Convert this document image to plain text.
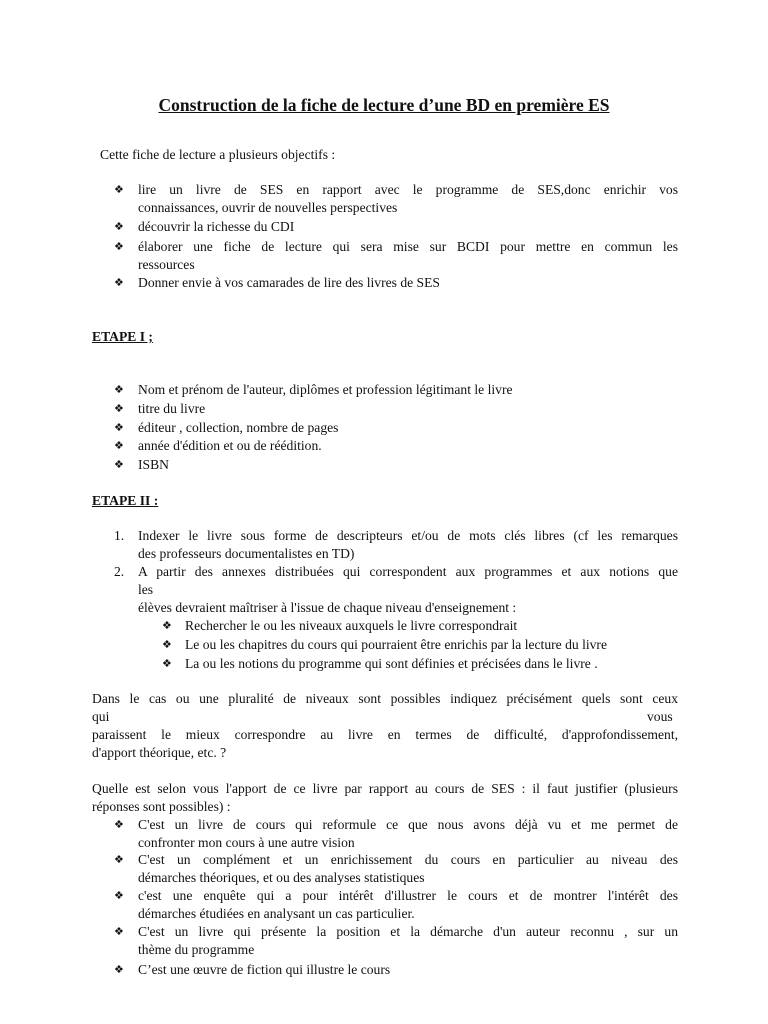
Construction de la fiche de lecture d’une BD en première ES
Cette fiche de lecture a plusieurs objectifs :
❖ lire un livre de SES en rapport avec le programme de SES,donc enrichir vos
connaissances, ouvrir de nouvelles perspectives
❖ découvrir la richesse du CDI
❖ élaborer une fiche de lecture qui sera mise sur BCDI pour mettre en commun les
ressources
❖ Donner envie à vos camarades de lire des livres de SES
ETAPE I ;
❖ Nom et prénom de l'auteur, diplômes et profession légitimant le livre
❖ titre du livre
❖ éditeur , collection, nombre de pages
❖ année d'édition et ou de réédition.
❖ ISBN
ETAPE II :
1. Indexer le livre sous forme de descripteurs et/ou de mots clés libres (cf les remarques
des professeurs documentalistes en TD)
2. A partir des annexes distribuées qui correspondent aux programmes et aux notions que
les
élèves devraient maîtriser à l'issue de chaque niveau d'enseignement :
❖ Rechercher le ou les niveaux auxquels le livre correspondrait
❖ Le ou les chapitres du cours qui pourraient être enrichis par la lecture du livre
❖ La ou les notions du programme qui sont définies et précisées dans le livre .
Dans le cas ou une pluralité de niveaux sont possibles indiquez précisément quels sont ceux
qui	vous
paraissent le mieux correspondre au livre en termes de difficulté, d'approfondissement,
d'apport théorique, etc. ?
Quelle est selon vous l'apport de ce livre par rapport au cours de SES : il faut justifier (plusieurs
réponses sont possibles) :
❖ C'est un livre de cours qui reformule ce que nous avons déjà vu et me permet de
confronter mon cours à une autre vision
❖ C'est un complément et un enrichissement du cours en particulier au niveau des
démarches théoriques, et ou des analyses statistiques
❖ c'est une enquête qui a pour intérêt d'illustrer le cours et de montrer l'intérêt des
démarches étudiées en analysant un cas particulier.
❖ C'est un livre qui présente la position et la démarche d'un auteur reconnu , sur un
thème du programme
❖ C’est une œuvre de fiction qui illustre le cours
